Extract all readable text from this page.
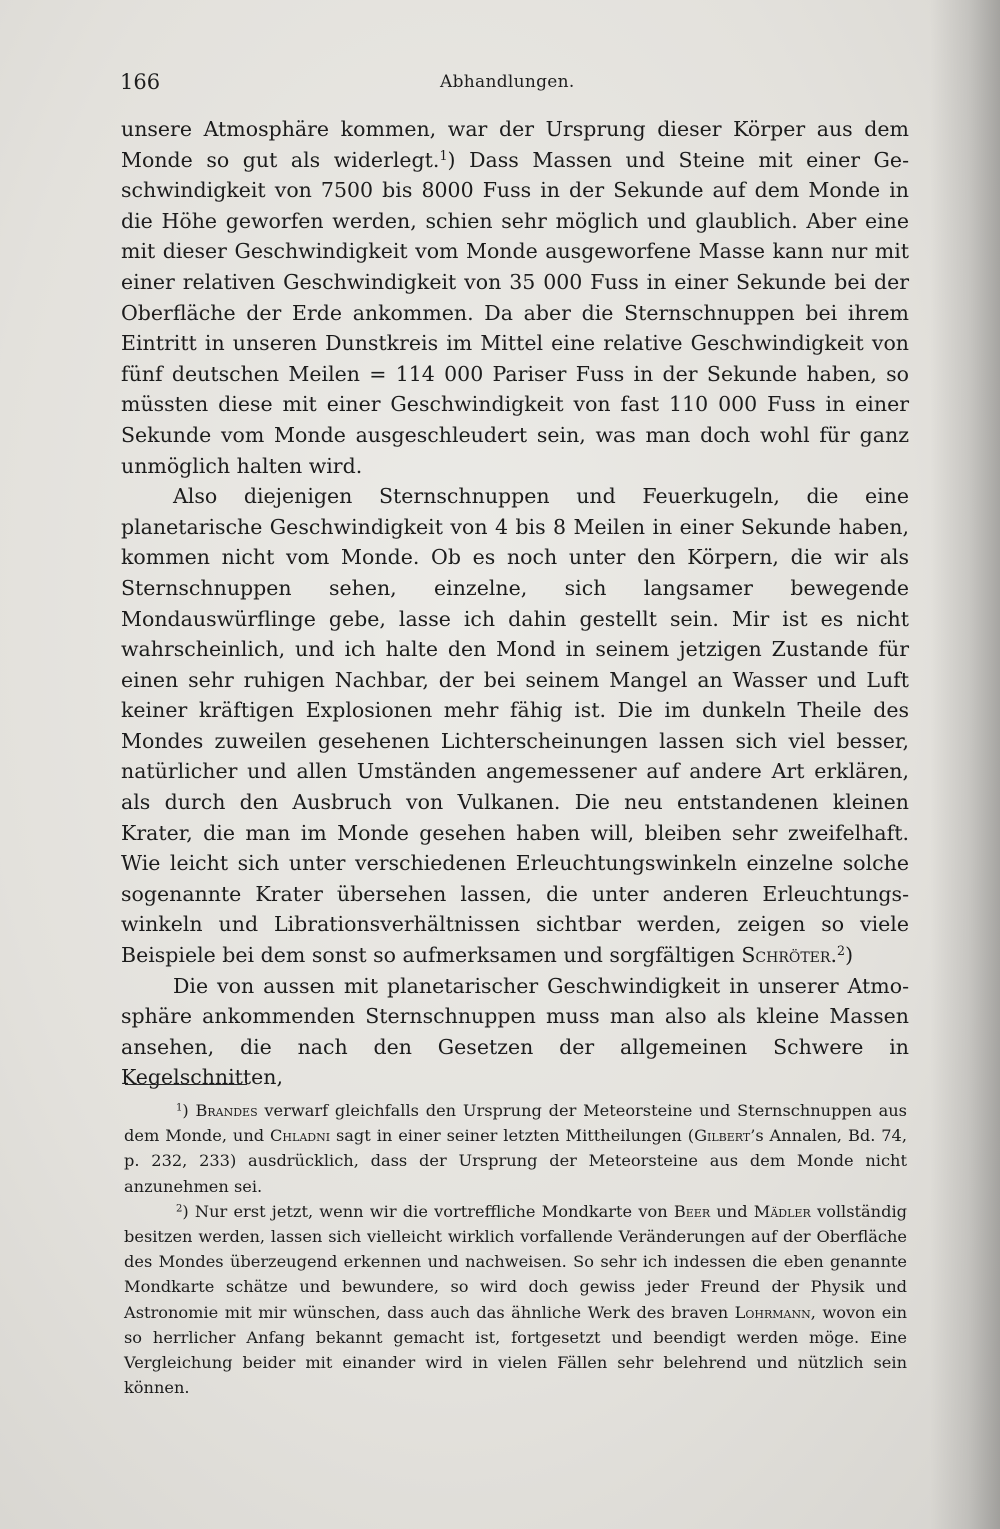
166	Abhandlungen.

unsere Atmosphäre kommen, war der Ursprung dieser Körper aus dem Monde so gut als widerlegt.$^1$) Dass Massen und Steine mit einer Geschwindigkeit von 7500 bis 8000 Fuss in der Sekunde auf dem Monde in die Höhe geworfen werden, schien sehr möglich und glaublich. Aber eine mit dieser Geschwindigkeit vom Monde ausgeworfene Masse kann nur mit einer relativen Geschwindigkeit von 35 000 Fuss in einer Sekunde bei der Oberfläche der Erde ankommen. Da aber die Sternschnuppen bei ihrem Eintritt in unseren Dunstkreis im Mittel eine relative Geschwindigkeit von fünf deutschen Meilen = 114 000 Pariser Fuss in der Sekunde haben, so müssten diese mit einer Geschwindigkeit von fast 110 000 Fuss in einer Sekunde vom Monde ausgeschleudert sein, was man doch wohl für ganz unmöglich halten wird.

Also diejenigen Sternschnuppen und Feuerkugeln, die eine planetarische Geschwindigkeit von 4 bis 8 Meilen in einer Sekunde haben, kommen nicht vom Monde. Ob es noch unter den Körpern, die wir als Sternschnuppen sehen, einzelne, sich langsamer bewegende Mondauswürflinge gebe, lasse ich dahin gestellt sein. Mir ist es nicht wahrscheinlich, und ich halte den Mond in seinem jetzigen Zustande für einen sehr ruhigen Nachbar, der bei seinem Mangel an Wasser und Luft keiner kräftigen Explosionen mehr fähig ist. Die im dunkeln Theile des Mondes zuweilen gesehenen Lichterscheinungen lassen sich viel besser, natürlicher und allen Umständen angemessener auf andere Art erklären, als durch den Ausbruch von Vulkanen. Die neu entstandenen kleinen Krater, die man im Monde gesehen haben will, bleiben sehr zweifelhaft. Wie leicht sich unter verschiedenen Erleuchtungswinkeln einzelne solche sogenannte Krater übersehen lassen, die unter anderen Erleuchtungswinkeln und Librationsverhältnissen sichtbar werden, zeigen so viele Beispiele bei dem sonst so aufmerksamen und sorgfältigen Schröter.$^2$)

Die von aussen mit planetarischer Geschwindigkeit in unserer Atmosphäre ankommenden Sternschnuppen muss man also als kleine Massen ansehen, die nach den Gesetzen der allgemeinen Schwere in Kegelschnitten,

$^1$) Brandes verwarf gleichfalls den Ursprung der Meteorsteine und Sternschnuppen aus dem Monde, und Chladni sagt in einer seiner letzten Mittheilungen (Gilbert’s Annalen, Bd. 74, p. 232, 233) ausdrücklich, dass der Ursprung der Meteorsteine aus dem Monde nicht anzunehmen sei.

$^2$) Nur erst jetzt, wenn wir die vortreffliche Mondkarte von Beer und Mädler vollständig besitzen werden, lassen sich vielleicht wirklich vorfallende Veränderungen auf der Oberfläche des Mondes überzeugend erkennen und nachweisen. So sehr ich indessen die eben genannte Mondkarte schätze und bewundere, so wird doch gewiss jeder Freund der Physik und Astronomie mit mir wünschen, dass auch das ähnliche Werk des braven Lohrmann, wovon ein so herrlicher Anfang bekannt gemacht ist, fortgesetzt und beendigt werden möge. Eine Vergleichung beider mit einander wird in vielen Fällen sehr belehrend und nützlich sein können.
